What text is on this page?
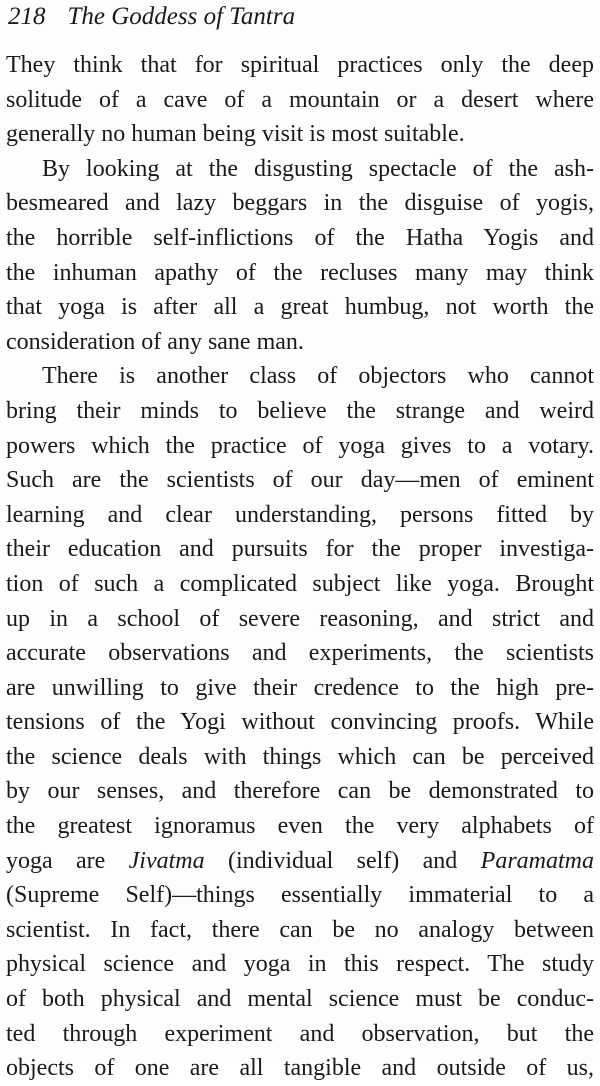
218 The Goddess of Tantra
They think that for spiritual practices only the deep
solitude of a cave of a mountain or a desert where
generally no human being visit is most suitable.
By looking at the disgusting spectacle of the ash-
besmeared and lazy beggars in the disguise of yogis,
the horrible self-inflictions of the Hatha Yogis and
the inhuman apathy of the recluses many may think
that yoga is after all a great humbug, not worth the
consideration of any sane man.
There is another class of objectors who cannot
bring their minds to believe the strange and weird
powers which the practice of yoga gives to a votary.
Such are the scientists of our day—men of eminent
learning and clear understanding, persons fitted by
their education and pursuits for the proper investiga-
tion of such a complicated subject like yoga. Brought
up in a school of severe reasoning, and strict and
accurate observations and experiments, the scientists
are unwilling to give their credence to the high pre-
tensions of the Yogi without convincing proofs. While
the science deals with things which can be perceived
by our senses, and therefore can be demonstrated to
the greatest ignoramus even the very alphabets of
yoga are Jivatma (individual self) and Paramatma
(Supreme Self)—things essentially immaterial to a
scientist. In fact, there can be no analogy between
physical science and yoga in this respect. The study
of both physical and mental science must be conduc-
ted through experiment and observation, but the
objects of one are all tangible and outside of us,
